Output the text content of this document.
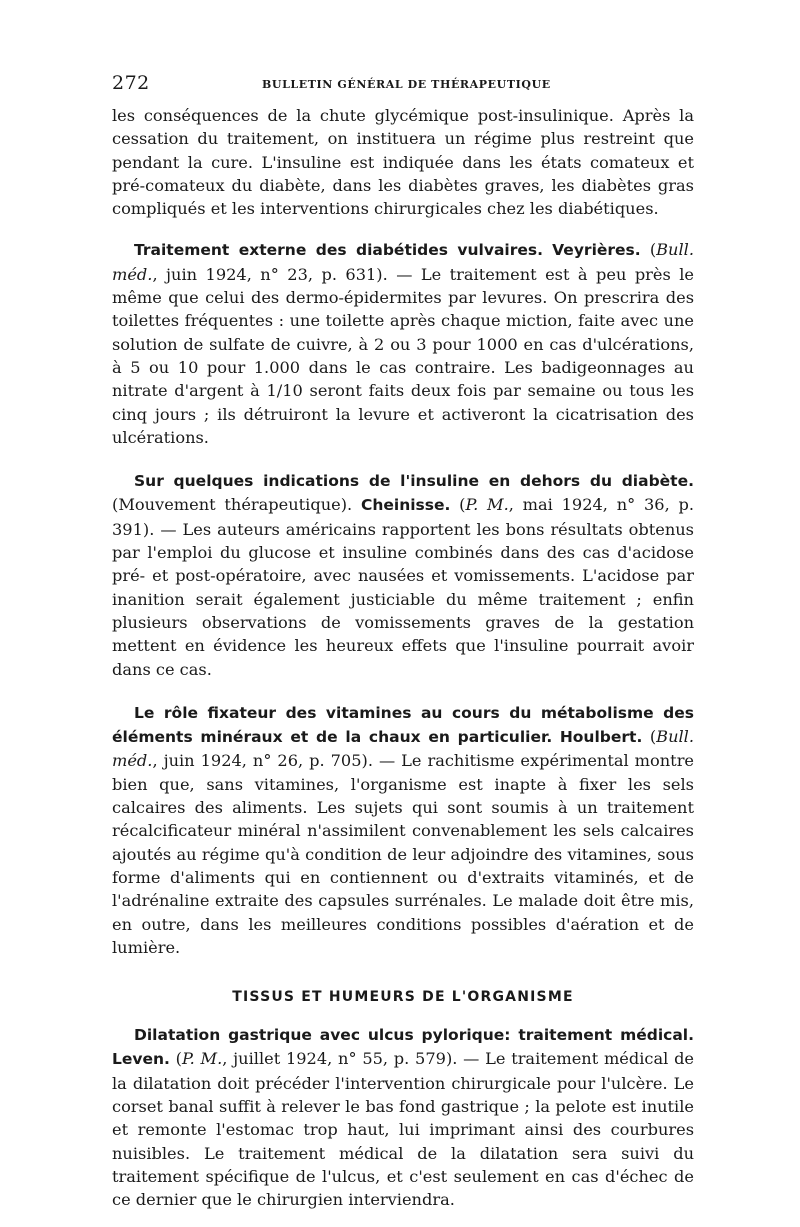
272	BULLETIN GÉNÉRAL DE THÉRAPEUTIQUE

les conséquences de la chute glycémique post-insulinique. Après la cessation du traitement, on instituera un régime plus restreint que pendant la cure. L'insuline est indiquée dans les états comateux et pré-comateux du diabète, dans les diabètes graves, les diabètes gras compliqués et les interventions chirurgicales chez les diabétiques.

Traitement externe des diabétides vulvaires. Veyrières. (Bull. méd., juin 1924, n° 23, p. 631). — Le traitement est à peu près le même que celui des dermo-épidermites par levures. On prescrira des toilettes fréquentes : une toilette après chaque miction, faite avec une solution de sulfate de cuivre, à 2 ou 3 pour 1000 en cas d'ulcérations, à 5 ou 10 pour 1.000 dans le cas contraire. Les badigeonnages au nitrate d'argent à 1/10 seront faits deux fois par semaine ou tous les cinq jours ; ils détruiront la levure et activeront la cicatrisation des ulcérations.

Sur quelques indications de l'insuline en dehors du diabète. (Mouvement thérapeutique). Cheinisse. (P. M., mai 1924, n° 36, p. 391). — Les auteurs américains rapportent les bons résultats obtenus par l'emploi du glucose et insuline combinés dans des cas d'acidose pré- et post-opératoire, avec nausées et vomissements. L'acidose par inanition serait également justiciable du même traitement ; enfin plusieurs observations de vomissements graves de la gestation mettent en évidence les heureux effets que l'insuline pourrait avoir dans ce cas.

Le rôle fixateur des vitamines au cours du métabolisme des éléments minéraux et de la chaux en particulier. Houlbert. (Bull. méd., juin 1924, n° 26, p. 705). — Le rachitisme expérimental montre bien que, sans vitamines, l'organisme est inapte à fixer les sels calcaires des aliments. Les sujets qui sont soumis à un traitement récalcificateur minéral n'assimilent convenablement les sels calcaires ajoutés au régime qu'à condition de leur adjoindre des vitamines, sous forme d'aliments qui en contiennent ou d'extraits vitaminés, et de l'adrénaline extraite des capsules surrénales. Le malade doit être mis, en outre, dans les meilleures conditions possibles d'aération et de lumière.

TISSUS ET HUMEURS DE L'ORGANISME

Dilatation gastrique avec ulcus pylorique: traitement médical. Leven. (P. M., juillet 1924, n° 55, p. 579). — Le traitement médical de la dilatation doit précéder l'intervention chirurgicale pour l'ulcère. Le corset banal suffit à relever le bas fond gastrique ; la pelote est inutile et remonte l'estomac trop haut, lui imprimant ainsi des courbures nuisibles. Le traitement médical de la dilatation sera suivi du traitement spécifique de l'ulcus, et c'est seulement en cas d'échec de ce dernier que le chirurgien interviendra.
